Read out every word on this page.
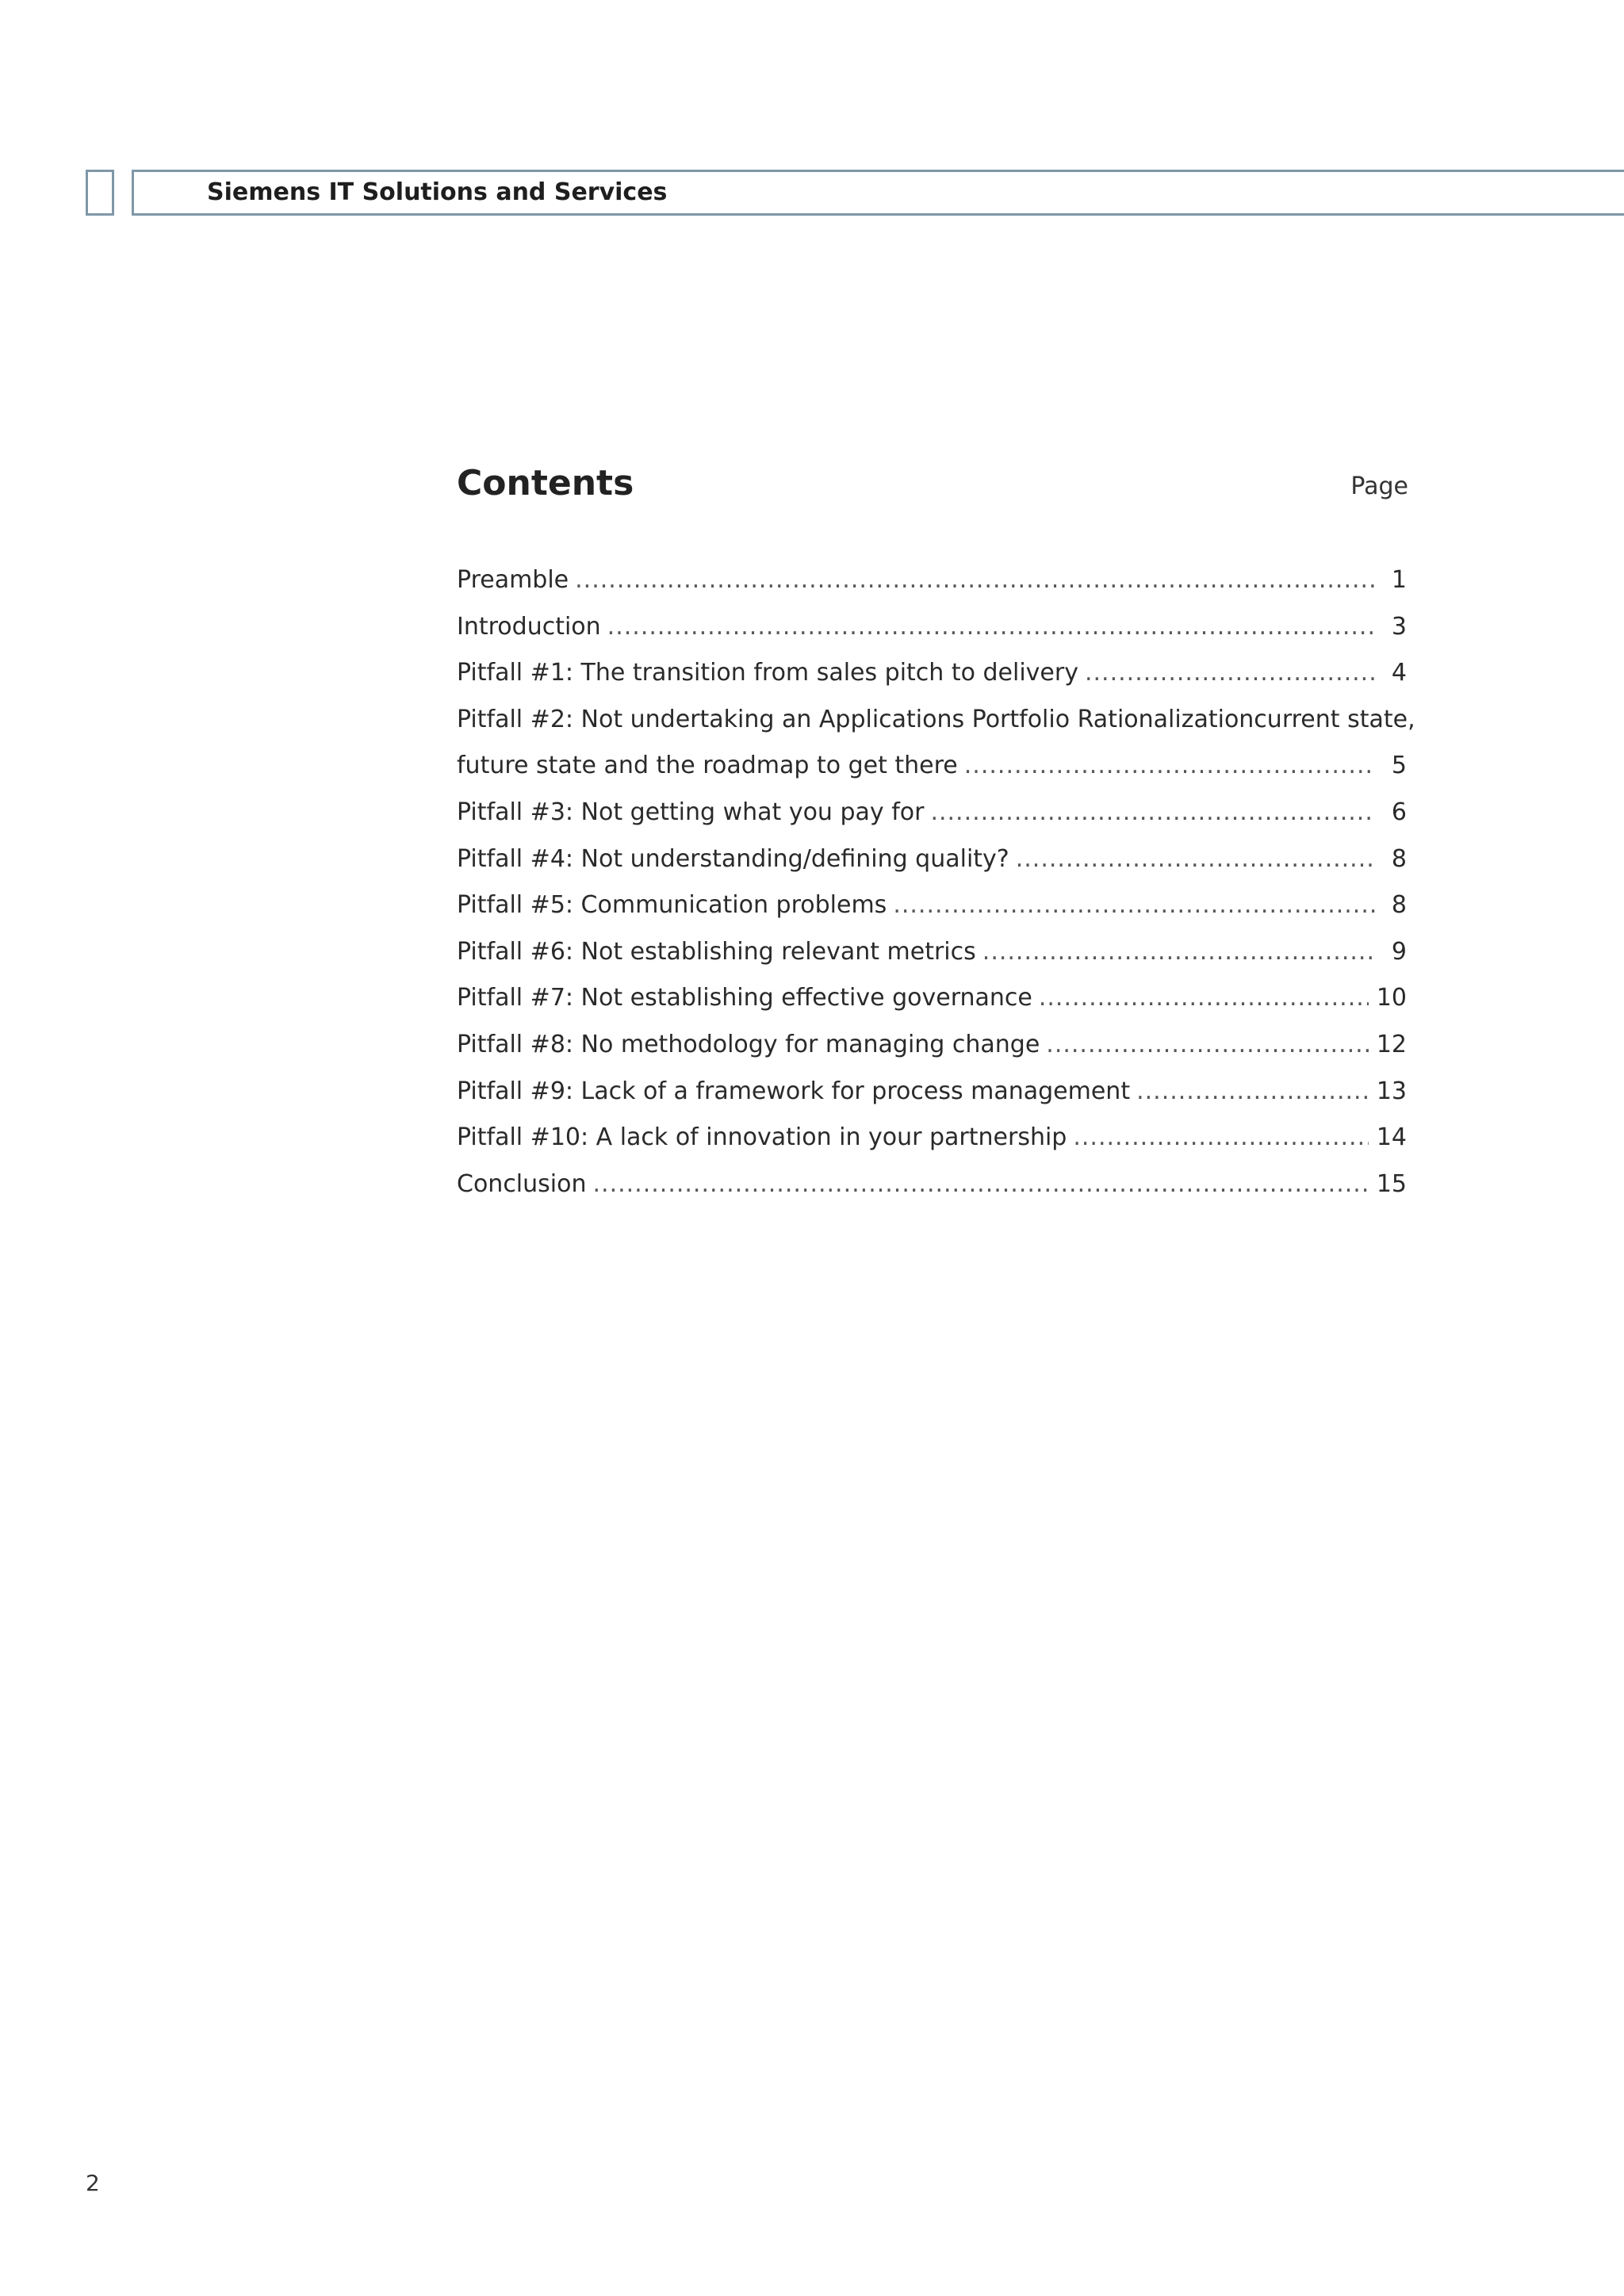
Siemens IT Solutions and Services
Contents	Page
Preamble .....	1
Introduction .....	3
Pitfall #1: The transition from sales pitch to delivery .....	4
Pitfall #2: Not undertaking an Applications Portfolio Rationalizationcurrent state,
future state and the roadmap to get there .....	5
Pitfall #3: Not getting what you pay for .....	6
Pitfall #4: Not understanding/defining quality? .....	8
Pitfall #5: Communication problems .....	8
Pitfall #6: Not establishing relevant metrics .....	9
Pitfall #7: Not establishing effective governance .....	10
Pitfall #8: No methodology for managing change .....	12
Pitfall #9: Lack of a framework for process management .....	13
Pitfall #10: A lack of innovation in your partnership .....	14
Conclusion .....	15
2
